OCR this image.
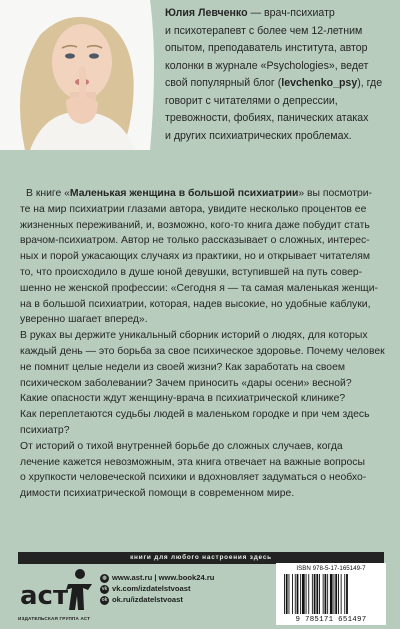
Юлия Левченко — врач-психиатр
и психотерапевт с более чем 12-летним
опытом, преподаватель института, автор
колонки в журнале «Psychologies», ведет
свой популярный блог (levchenko_psy), где говорит с читателями о депрессии,
тревожности, фобиях, панических атаках
и других психиатрических проблемах.
В книге «Маленькая женщина в большой психиатрии» вы посмотри-
те на мир психиатрии глазами автора, увидите несколько процентов ее
жизненных переживаний, и, возможно, кого-то книга даже побудит стать
врачом-психиатром. Автор не только рассказывает о сложных, интерес-
ных и порой ужасающих случаях из практики, но и открывает читателям
то, что происходило в душе юной девушки, вступившей на путь совер-
шенно не женской профессии: «Сегодня я — та самая маленькая женщи-
на в большой психиатрии, которая, надев высокие, но удобные каблуки,
уверенно шагает вперед».
В руках вы держите уникальный сборник историй о людях, для которых
каждый день — это борьба за свое психическое здоровье. Почему человек
не помнит целые недели из своей жизни? Как заработать на своем
психическом заболевании? Зачем приносить «дары осени» весной?
Какие опасности ждут женщину-врача в психиатрической клинике?
Как переплетаются судьбы людей в маленьком городке и при чем здесь
психиатр?
От историй о тихой внутренней борьбе до сложных случаев, когда
лечение кажется невозможным, эта книга отвечает на важные вопросы
о хрупкости человеческой психики и вдохновляет задуматься о необхо-
димости психиатрической помощи в современном мире.
книги для любого настроения здесь
аст
ИЗДАТЕЛЬСКАЯ ГРУППА АСТ
◍ www.ast.ru | www.book24.ru
vk vk.com/izdatelstvoast
ok ok.ru/izdatelstvoast
ISBN 978-5-17-165149-7
9 785171 651497
